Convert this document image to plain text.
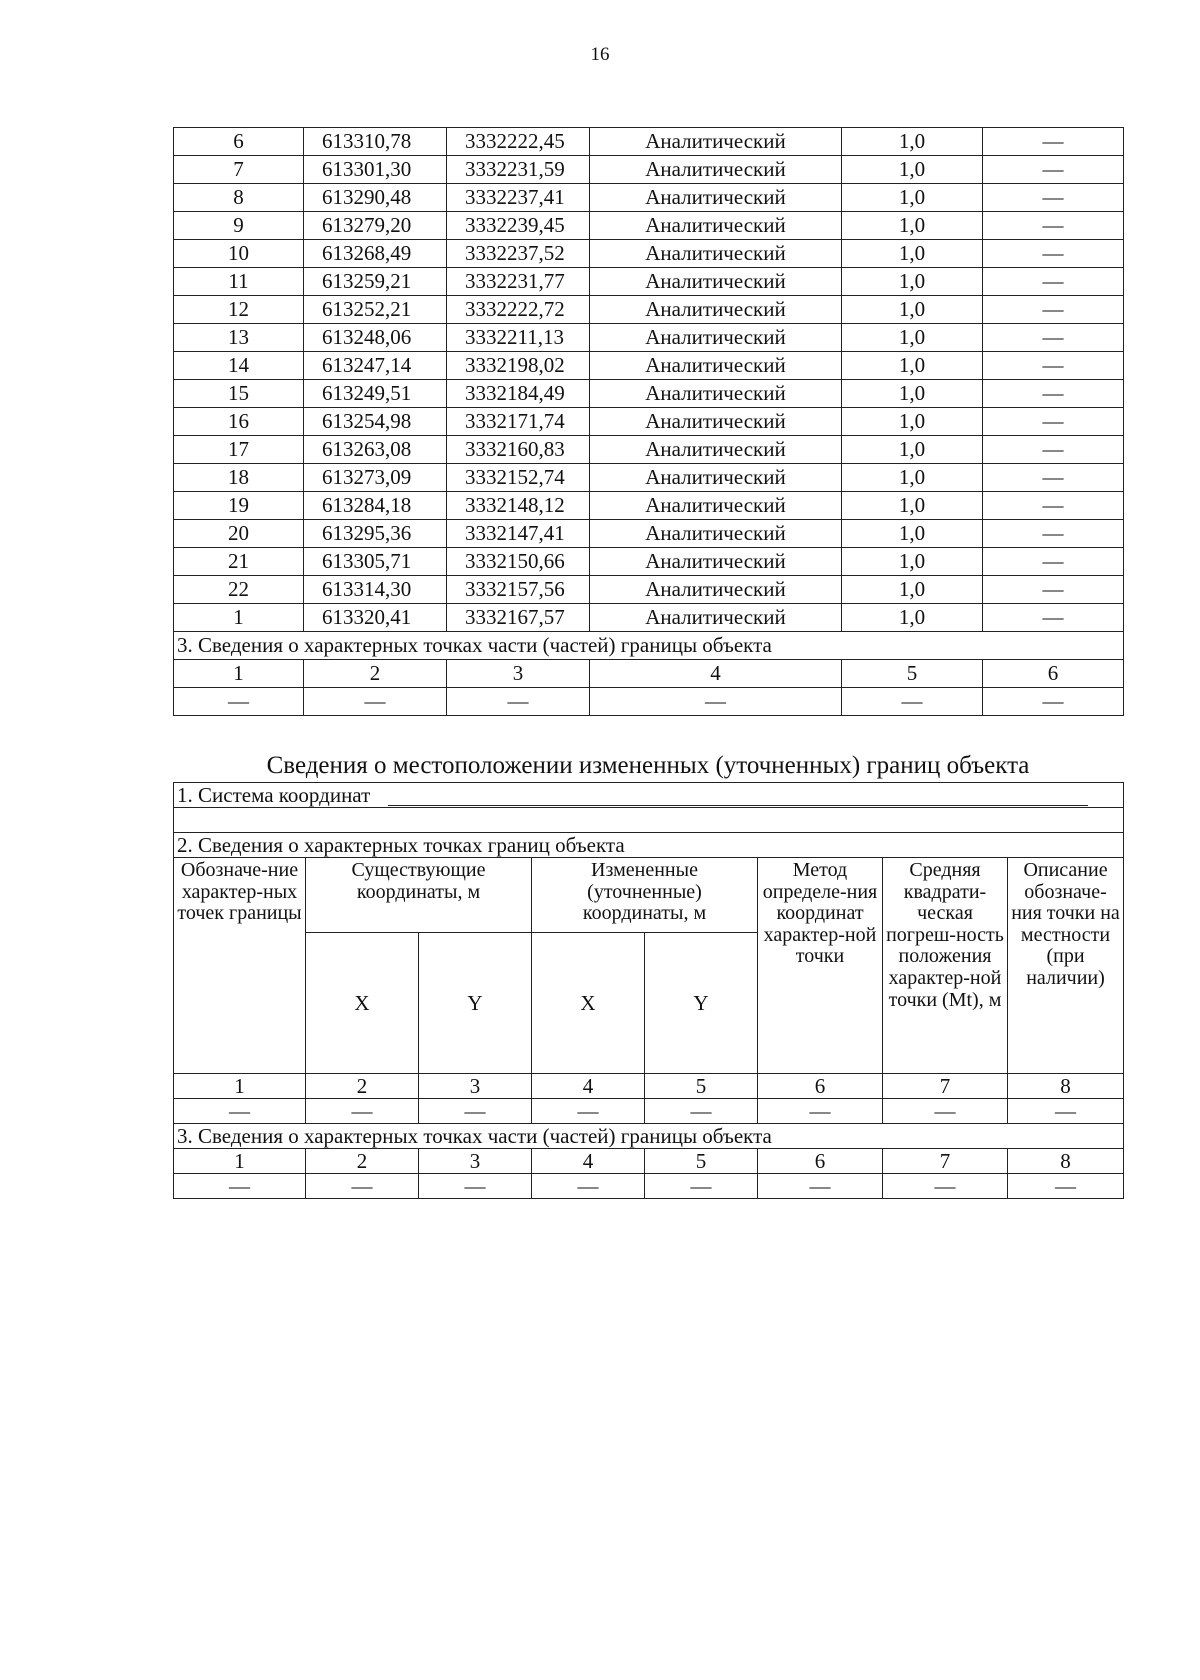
16
6	613310,78	3332222,45	Аналитический	1,0	—
7	613301,30	3332231,59	Аналитический	1,0	—
8	613290,48	3332237,41	Аналитический	1,0	—
9	613279,20	3332239,45	Аналитический	1,0	—
10	613268,49	3332237,52	Аналитический	1,0	—
11	613259,21	3332231,77	Аналитический	1,0	—
12	613252,21	3332222,72	Аналитический	1,0	—
13	613248,06	3332211,13	Аналитический	1,0	—
14	613247,14	3332198,02	Аналитический	1,0	—
15	613249,51	3332184,49	Аналитический	1,0	—
16	613254,98	3332171,74	Аналитический	1,0	—
17	613263,08	3332160,83	Аналитический	1,0	—
18	613273,09	3332152,74	Аналитический	1,0	—
19	613284,18	3332148,12	Аналитический	1,0	—
20	613295,36	3332147,41	Аналитический	1,0	—
21	613305,71	3332150,66	Аналитический	1,0	—
22	613314,30	3332157,56	Аналитический	1,0	—
1	613320,41	3332167,57	Аналитический	1,0	—
3. Сведения о характерных точках части (частей) границы объекта					
1	2	3	4	5	6
—	—	—	—	—	—
Сведения о местоположении измененных (уточненных) границ объекта
1. Система координат							

2. Сведения о характерных точках границ объекта							
Обозначе-ние характер-ных точек границы	Существующие координаты, м		Измененные (уточненные) координаты, м		Метод определе-ния координат характер-ной точки	Средняя квадрати-ческая погреш-ность положения характер-ной точки (Mt), м	Описание обозначе-ния точки на местности (при наличии)
	X	Y	X	Y			
1	2	3	4	5	6	7	8
—	—	—	—	—	—	—	—
3. Сведения о характерных точках части (частей) границы объекта							
1	2	3	4	5	6	7	8
—	—	—	—	—	—	—	—
